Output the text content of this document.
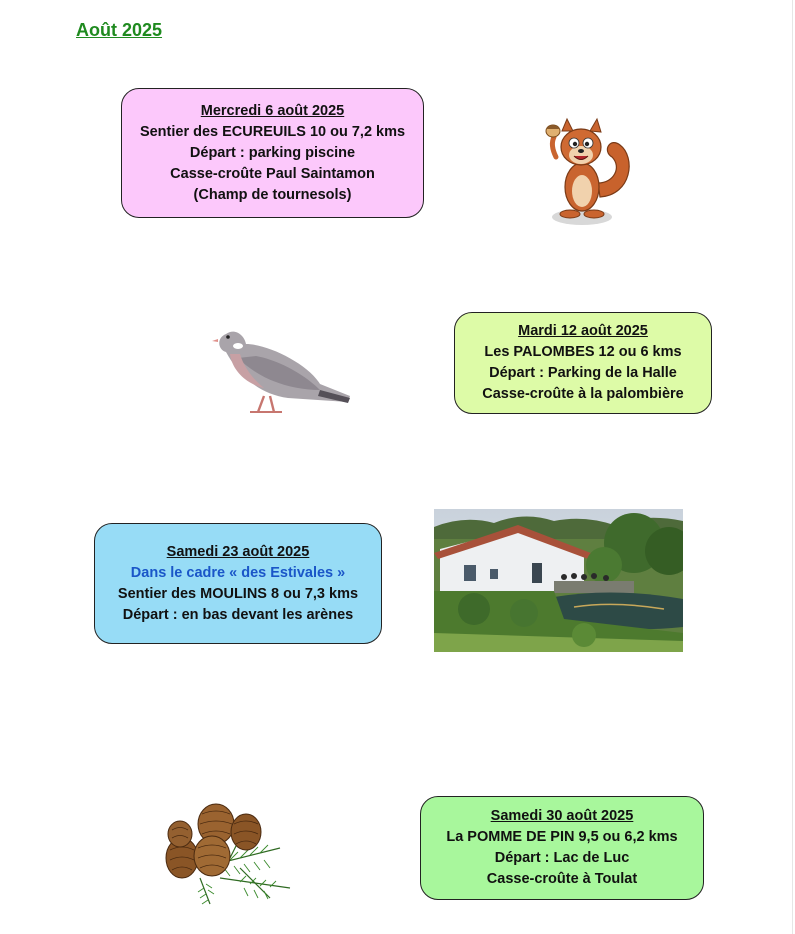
Août 2025
Mercredi 6 août 2025
Sentier des ECUREUILS 10 ou 7,2 kms
Départ : parking piscine
Casse-croûte Paul Saintamon
(Champ de tournesols)
Mardi 12 août 2025
Les PALOMBES 12 ou 6 kms
Départ : Parking de la Halle
Casse-croûte à la palombière
Samedi 23 août 2025
Dans le cadre « des Estivales »
Sentier des MOULINS 8 ou 7,3 kms
Départ : en bas devant les arènes
Samedi 30 août 2025
La POMME DE PIN 9,5 ou 6,2 kms
Départ : Lac de Luc
Casse-croûte à Toulat
